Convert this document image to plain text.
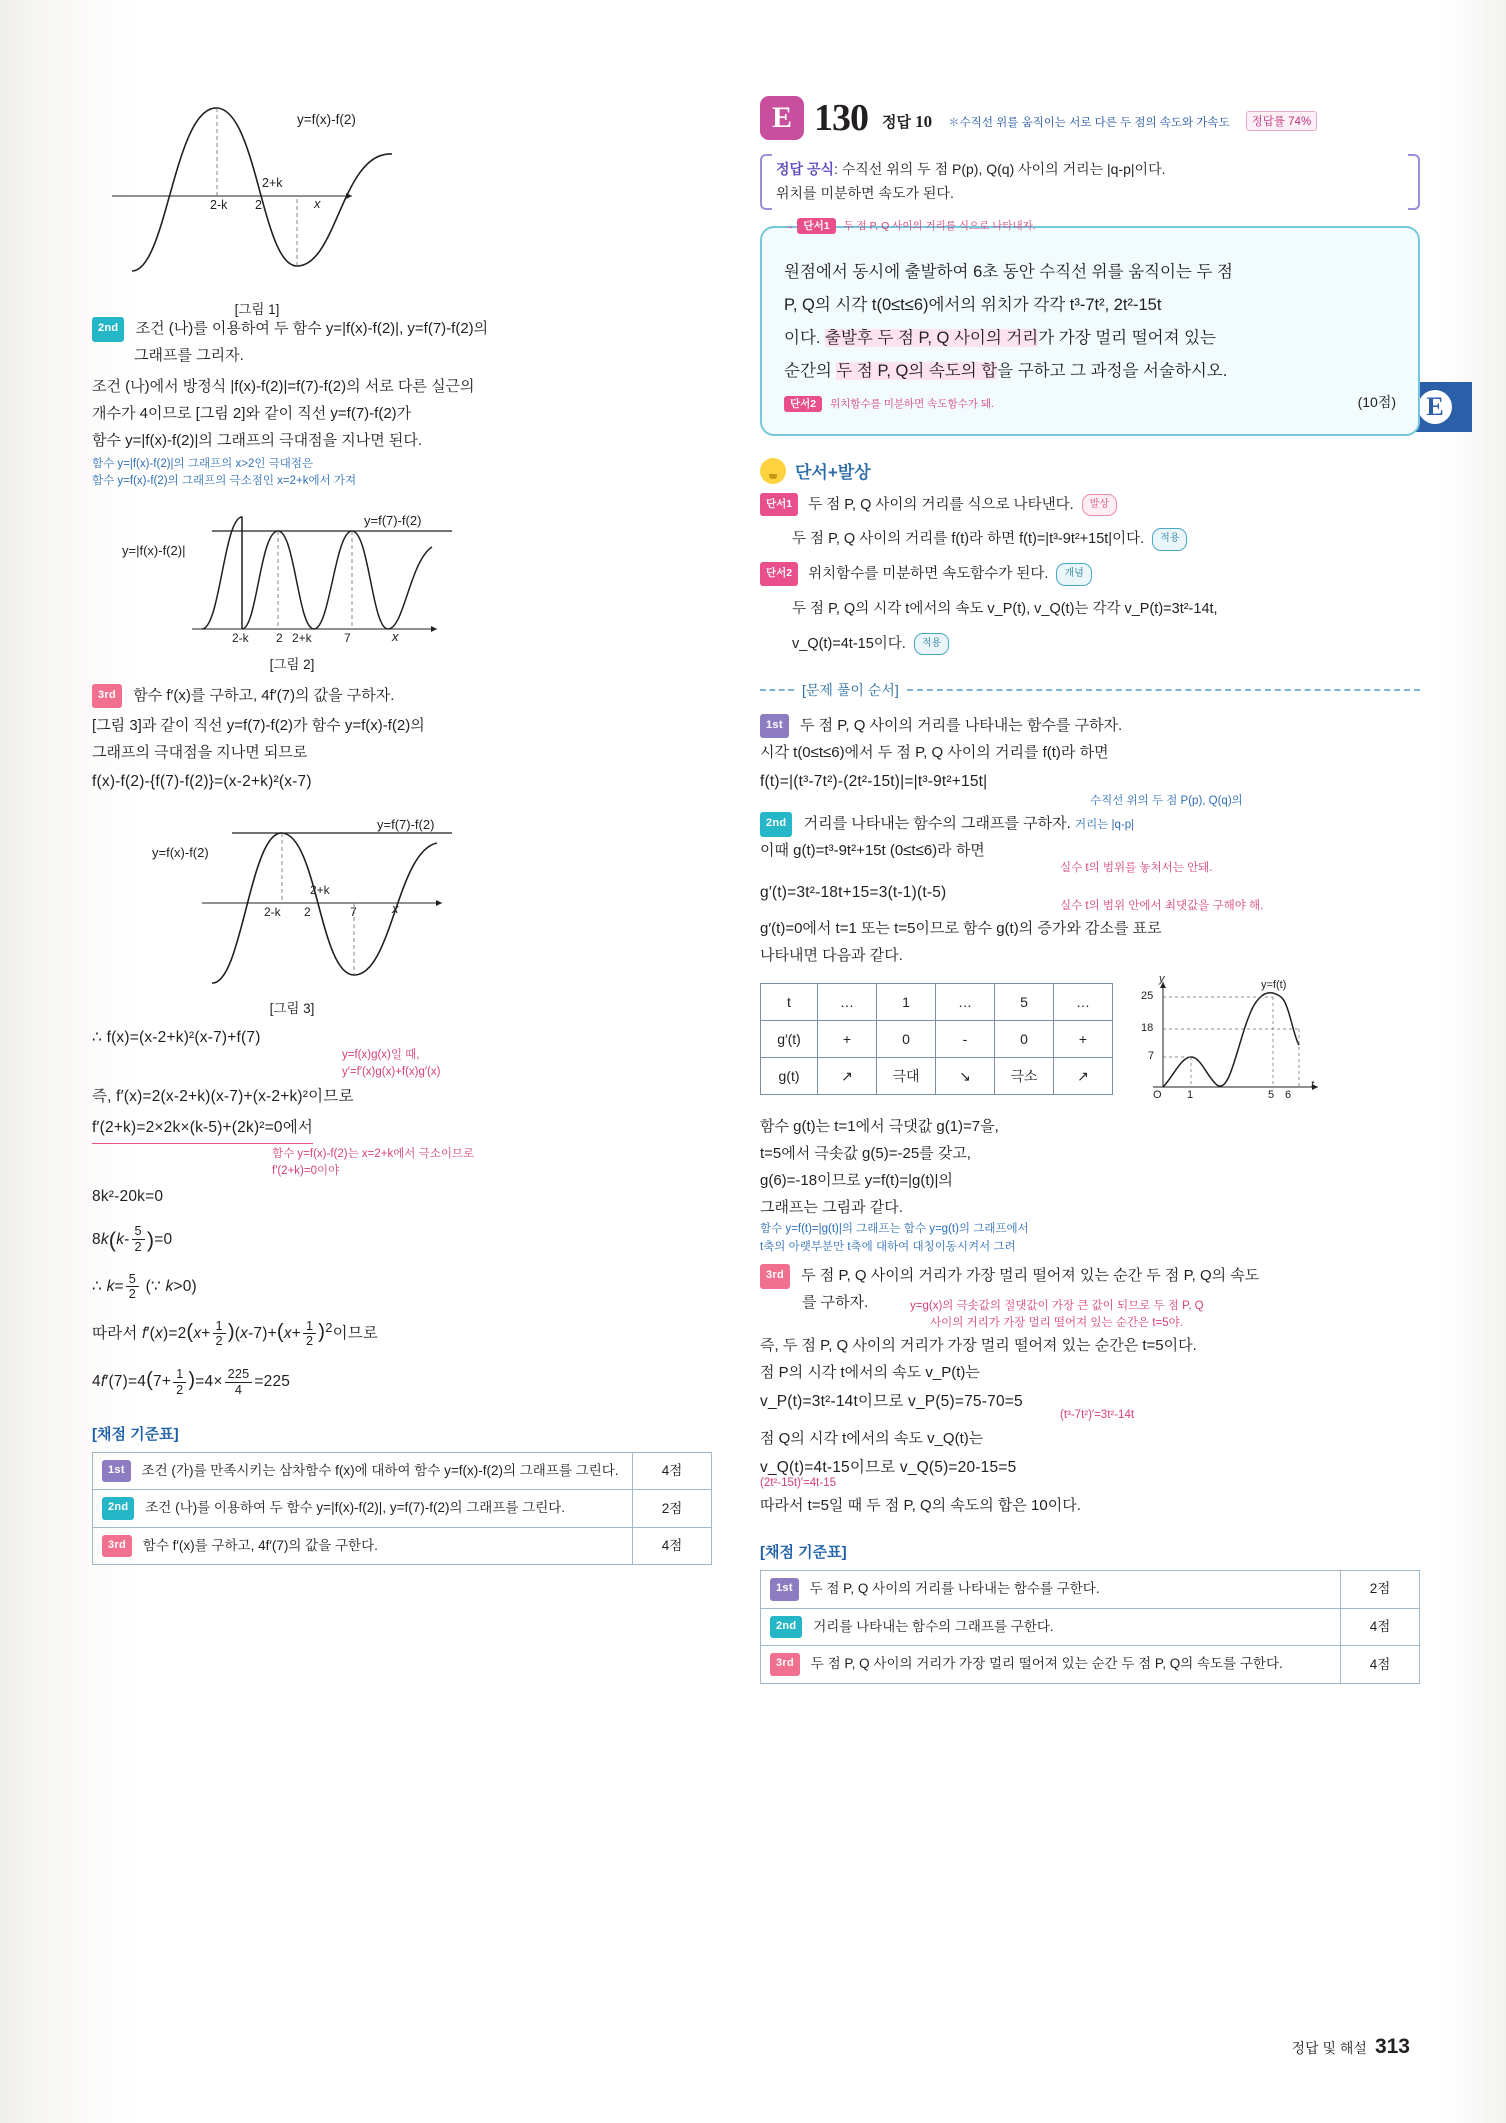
E
y=f(x)-f(2)
2-k 2
2+k
x
[그림 1]
2nd 조건 (나)를 이용하여 두 함수 y=|f(x)-f(2)|, y=f(7)-f(2)의
그래프를 그리자.
조건 (나)에서 방정식 |f(x)-f(2)|=f(7)-f(2)의 서로 다른 실근의
개수가 4이므로 [그림 2]와 같이 직선 y=f(7)-f(2)가
함수 y=|f(x)-f(2)|의 그래프의 극대점을 지나면 된다.
함수 y=|f(x)-f(2)|의 그래프의 x>2인 극대점은
함수 y=f(x)-f(2)의 그래프의 극소점인 x=2+k에서 가져
y=|f(x)-f(2)|
y=f(7)-f(2)
2-k 2 2+k	7	x
[그림 2]
3rd 함수 f′(x)를 구하고, 4f′(7)의 값을 구하자.
[그림 3]과 같이 직선 y=f(7)-f(2)가 함수 y=f(x)-f(2)의
그래프의 극대점을 지나면 되므로
f(x)-f(2)-{f(7)-f(2)}=(x-2+k)²(x-7)
y=f(x)-f(2)
y=f(7)-f(2)
2-k 2
2+k
7	x
[그림 3]
∴ f(x)=(x-2+k)²(x-7)+f(7)
y=f(x)g(x)일 때,
y′=f′(x)g(x)+f(x)g′(x)
즉, f′(x)=2(x-2+k)(x-7)+(x-2+k)²이므로
f′(2+k)=2×2k×(k-5)+(2k)²=0에서
함수 y=f(x)-f(2)는 x=2+k에서 극소이므로
f′(2+k)=0이야
8k²-20k=0
$8k(k- \frac{5}{2} )=0$
∴ $k= \frac{5}{2}$ (∵ k>0)
따라서 $f'(x)=2(x+ \frac{1}{2} )(x-7)+(x+ \frac{1}{2} )^2$이므로
$4f'(7)=4(7+ \frac{1}{2} )=4\times \frac{225}{4} =225$
[채점 기준표]
1st 조건 (가)를 만족시키는 삼차함수 f(x)에 대하여 함수 y=f(x)-f(2)의 그래프를 그린다.	4점
2nd 조건 (나)를 이용하여 두 함수 y=|f(x)-f(2)|, y=f(7)-f(2)의 그래프를 그린다.	2점
3rd 함수 f′(x)를 구하고, 4f′(7)의 값을 구한다.	4점
E 130 정답 10 ✽수직선 위를 움직이는 서로 다른 두 점의 속도와 가속도	정답률 74%
정답 공식: 수직선 위의 두 점 P(p), Q(q) 사이의 거리는 |q-p|이다.
위치를 미분하면 속도가 된다.
→ 단서1 두 점 P, Q 사이의 거리를 식으로 나타내자.
원점에서 동시에 출발하여 6초 동안 수직선 위를 움직이는 두 점
P, Q의 시각 t(0≤t≤6)에서의 위치가 각각 t³-7t², 2t²-15t
이다. 출발후 두 점 P, Q 사이의 거리가 가장 멀리 떨어져 있는
순간의 두 점 P, Q의 속도의 합을 구하고 그 과정을 서술하시오.
단서2 위치함수를 미분하면 속도함수가 돼.	(10점)
단서+발상
단서1 두 점 P, Q 사이의 거리를 식으로 나타낸다. 발상
두 점 P, Q 사이의 거리를 f(t)라 하면 f(t)=|t³-9t²+15t|이다. 적용
단서2 위치함수를 미분하면 속도함수가 된다. 개념
두 점 P, Q의 시각 t에서의 속도 v_P(t), v_Q(t)는 각각 v_P(t)=3t²-14t,
v_Q(t)=4t-15이다. 적용
[문제 풀이 순서]
1st 두 점 P, Q 사이의 거리를 나타내는 함수를 구하자.
시각 t(0≤t≤6)에서 두 점 P, Q 사이의 거리를 f(t)라 하면
f(t)=|(t³-7t²)-(2t²-15t)|=|t³-9t²+15t|
수직선 위의 두 점 P(p), Q(q)의
2nd 거리를 나타내는 함수의 그래프를 구하자. 거리는 |q-p|
이때 g(t)=t³-9t²+15t (0≤t≤6)라 하면
실수 t의 범위를 놓쳐서는 안돼.
g′(t)=3t²-18t+15=3(t-1)(t-5)
실수 t의 범위 안에서 최댓값을 구해야 해.
g′(t)=0에서 t=1 또는 t=5이므로 함수 g(t)의 증가와 감소를 표로
나타내면 다음과 같다.
t	…	1	…	5	…
g′(t)	+	0	-	0	+
g(t)	↗	극대	↘	극소	↗
y
t
y=f(t)
25
18
7
O 1	5 6
함수 g(t)는 t=1에서 극댓값 g(1)=7을,
t=5에서 극솟값 g(5)=-25를 갖고,
g(6)=-18이므로 y=f(t)=|g(t)|의
그래프는 그림과 같다.
함수 y=f(t)=|g(t)|의 그래프는 함수 y=g(t)의 그래프에서
t축의 아랫부분만 t축에 대하여 대칭이동시켜서 그려
3rd 두 점 P, Q 사이의 거리가 가장 멀리 떨어져 있는 순간 두 점 P, Q의 속도
를 구하자.	y=g(x)의 극솟값의 절댓값이 가장 큰 값이 되므로 두 점 P, Q
사이의 거리가 가장 멀리 떨어져 있는 순간은 t=5야.
즉, 두 점 P, Q 사이의 거리가 가장 멀리 떨어져 있는 순간은 t=5이다.
점 P의 시각 t에서의 속도 v_P(t)는
v_P(t)=3t²-14t이므로 v_P(5)=75-70=5
(t³-7t²)′=3t²-14t
점 Q의 시각 t에서의 속도 v_Q(t)는
v_Q(t)=4t-15이므로 v_Q(5)=20-15=5
(2t²-15t)′=4t-15
따라서 t=5일 때 두 점 P, Q의 속도의 합은 10이다.
[채점 기준표]
1st 두 점 P, Q 사이의 거리를 나타내는 함수를 구한다.	2점
2nd 거리를 나타내는 함수의 그래프를 구한다.	4점
3rd 두 점 P, Q 사이의 거리가 가장 멀리 떨어져 있는 순간 두 점 P, Q의 속도를 구한다.	4점
정답 및 해설 313
